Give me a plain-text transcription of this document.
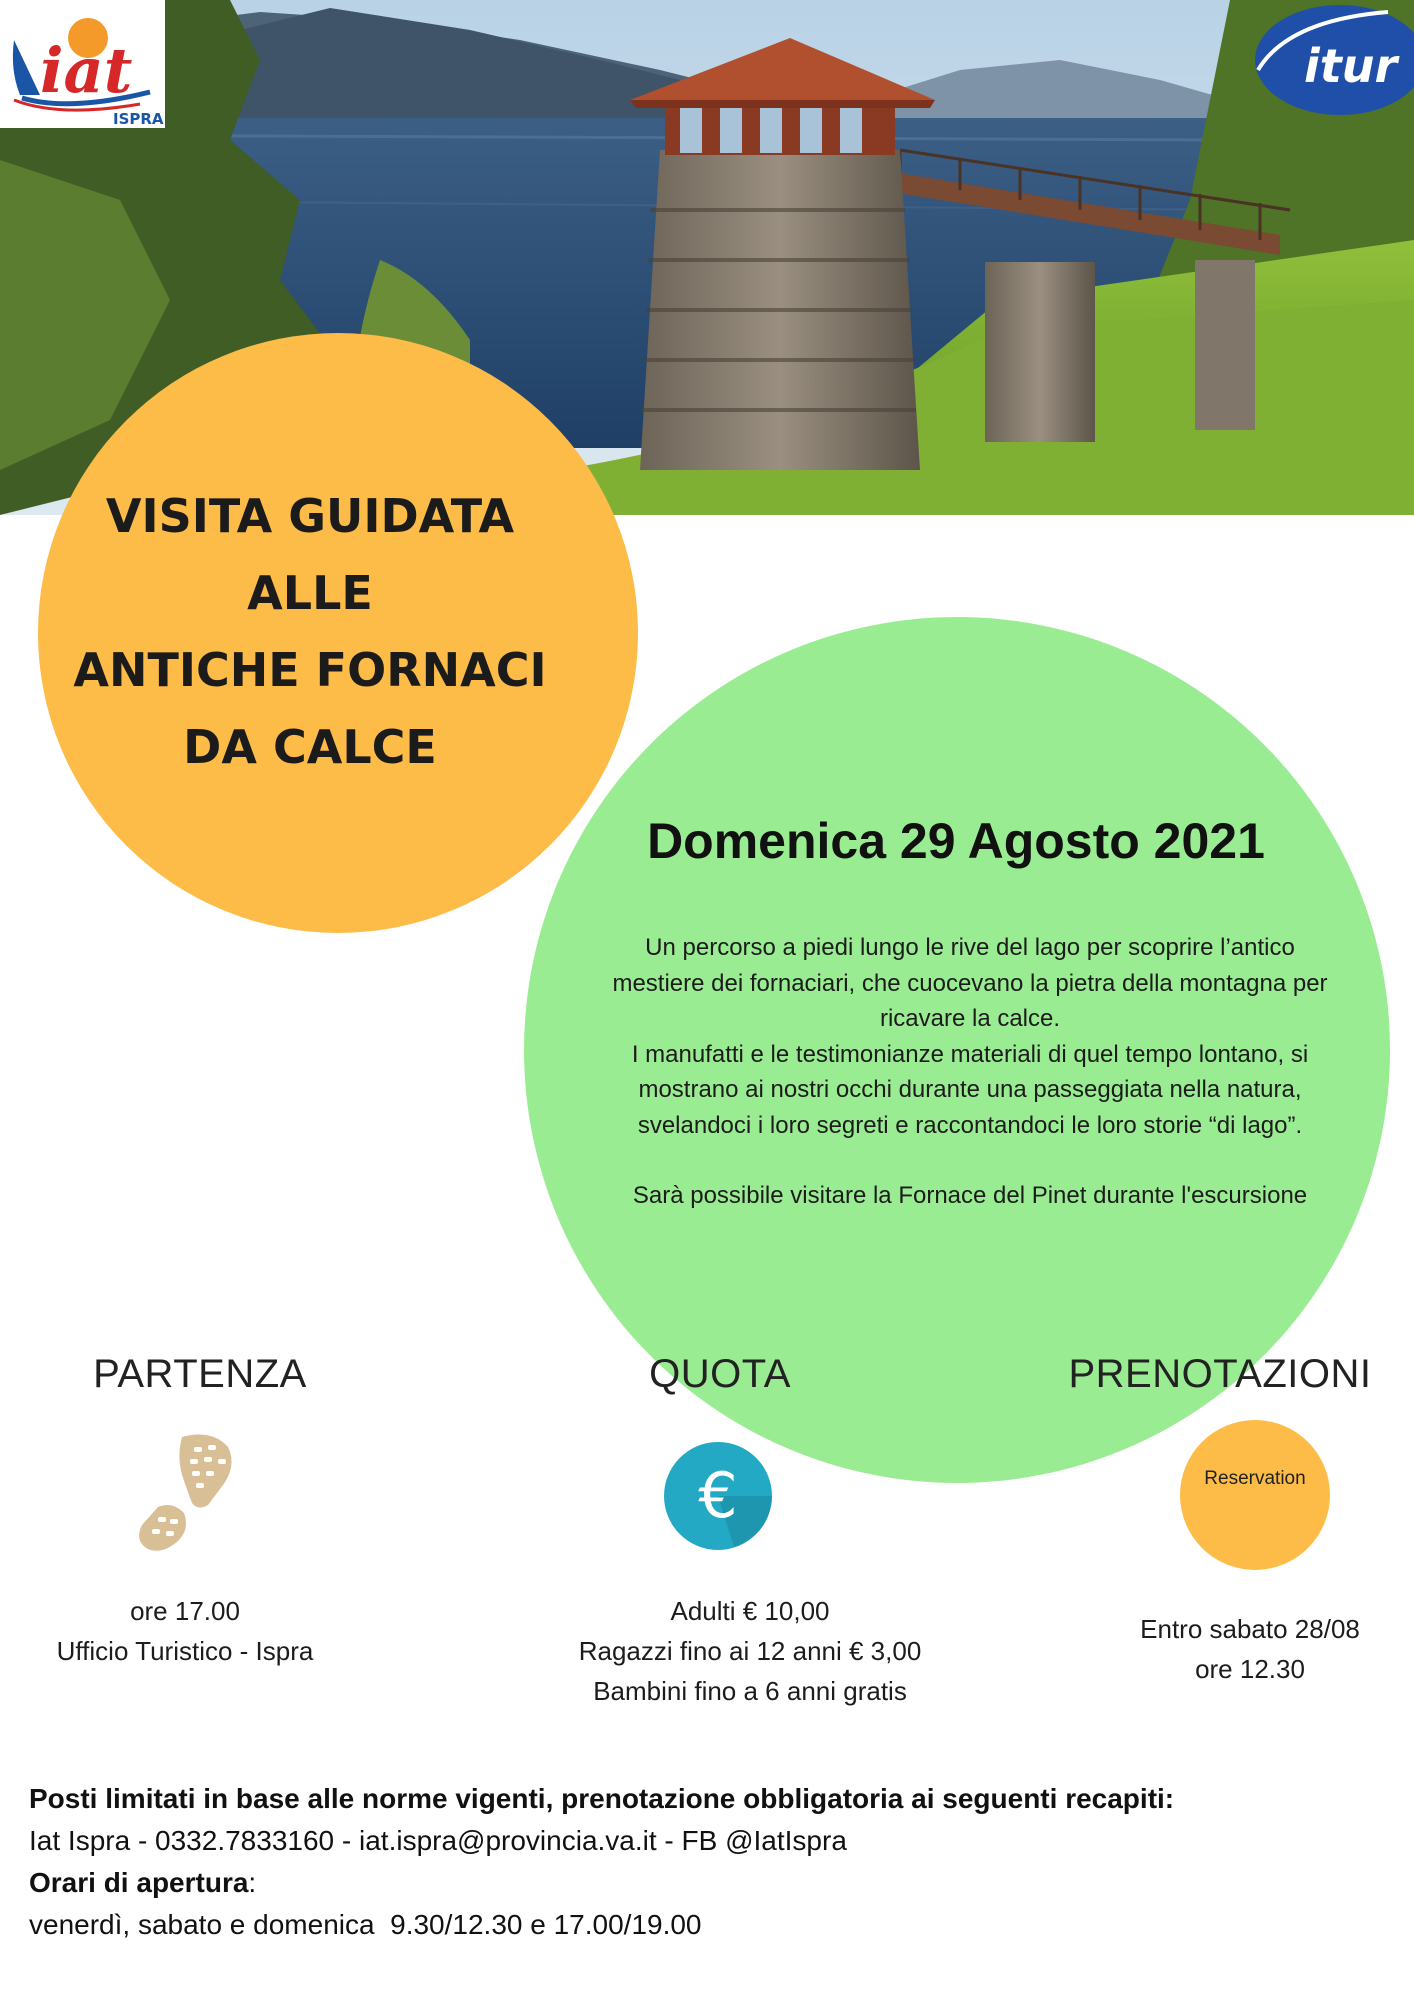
iat
ISPRA
itur
VISITA GUIDATA
ALLE
ANTICHE FORNACI
DA CALCE
Domenica 29 Agosto 2021
Un percorso a piedi lungo le rive del lago per scoprire l’antico
mestiere dei fornaciari, che cuocevano la pietra della montagna per
ricavare la calce.
I manufatti e le testimonianze materiali di quel tempo lontano, si
mostrano ai nostri occhi durante una passeggiata nella natura,
svelandoci i loro segreti e raccontandoci le loro storie “di lago”.
Sarà possibile visitare la Fornace del Pinet durante l'escursione
PARTENZA	QUOTA	PRENOTAZIONI
€	Reservation
ore 17.00
Ufficio Turistico - Ispra
Adulti € 10,00
Ragazzi fino ai 12 anni € 3,00
Bambini fino a 6 anni gratis
Entro sabato 28/08
ore 12.30
Posti limitati in base alle norme vigenti, prenotazione obbligatoria ai seguenti recapiti:
Iat Ispra - 0332.7833160 - iat.ispra@provincia.va.it - FB @IatIspra
Orari di apertura:
venerdì, sabato e domenica  9.30/12.30 e 17.00/19.00
